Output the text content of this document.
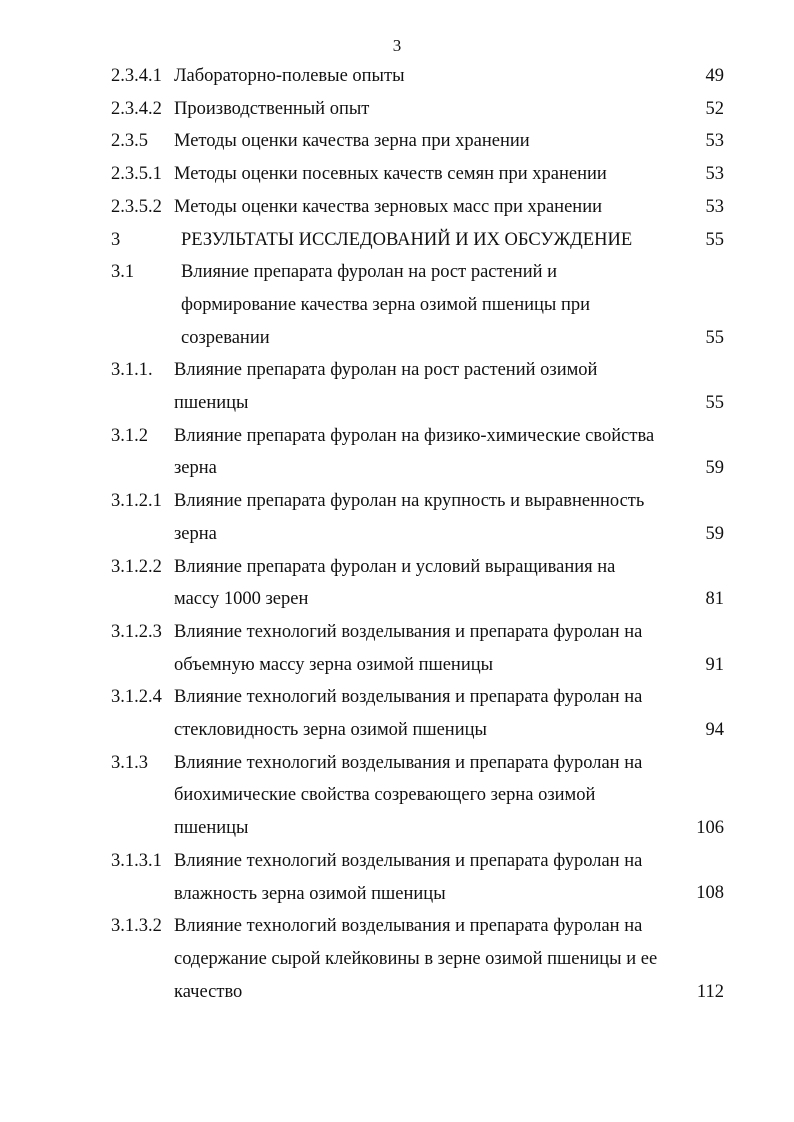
3
2.3.4.1 Лабораторно-полевые опыты	49
2.3.4.2 Производственный опыт	52
2.3.5 Методы оценки качества зерна при хранении	53
2.3.5.1 Методы оценки посевных качеств семян при хранении	53
2.3.5.2 Методы оценки качества зерновых масс при хранении	53
3	РЕЗУЛЬТАТЫ ИССЛЕДОВАНИЙ И ИХ ОБСУЖДЕНИЕ	55
3.1	Влияние препарата фуролан на рост растений и
формирование качества зерна озимой пшеницы при
созревании	55
3.1.1. Влияние препарата фуролан на рост растений озимой
пшеницы	55
3.1.2 Влияние препарата фуролан на физико-химические свойства
зерна	59
3.1.2.1 Влияние препарата фуролан на крупность и выравненность
зерна	59
3.1.2.2 Влияние препарата фуролан и условий выращивания на
массу 1000 зерен	81
3.1.2.3 Влияние технологий возделывания и препарата фуролан на
объемную массу зерна озимой пшеницы	91
3.1.2.4 Влияние технологий возделывания и препарата фуролан на
стекловидность зерна озимой пшеницы	94
3.1.3 Влияние технологий возделывания и препарата фуролан на
биохимические свойства созревающего зерна озимой
пшеницы	106
3.1.3.1 Влияние технологий возделывания и препарата фуролан на
влажность зерна озимой пшеницы	108
3.1.3.2 Влияние технологий возделывания и препарата фуролан на
содержание сырой клейковины в зерне озимой пшеницы и ее
качество	112
